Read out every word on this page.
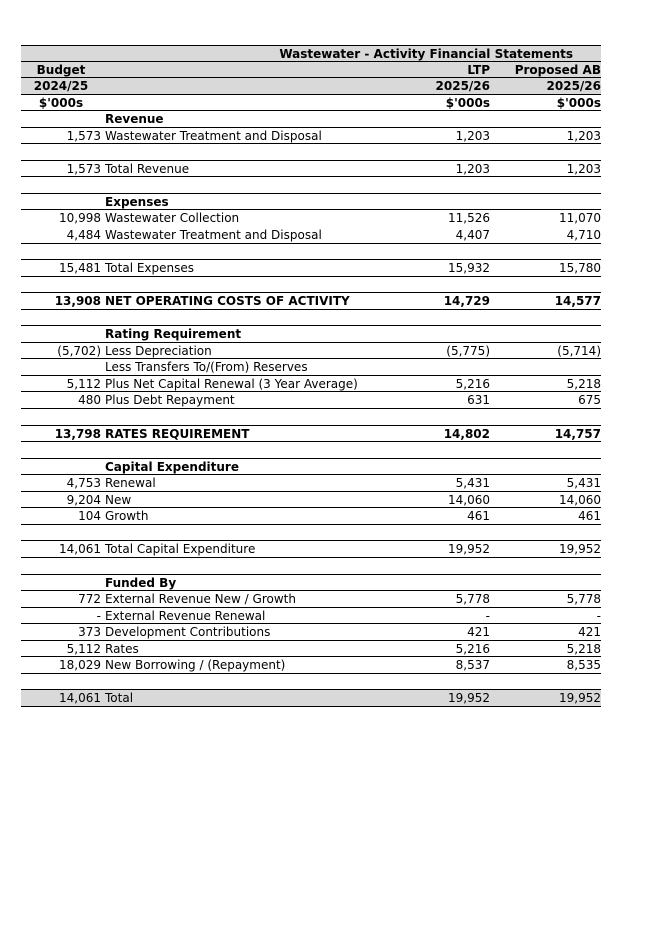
Wastewater - Activity Financial Statements
Budget	LTP	Proposed AB
2024/25	2025/26	2025/26
$'000s	$'000s	$'000s
Revenue
1,573 Wastewater Treatment and Disposal	1,203	1,203
1,573 Total Revenue	1,203	1,203
Expenses
10,998 Wastewater Collection	11,526	11,070
4,484 Wastewater Treatment and Disposal	4,407	4,710
15,481 Total Expenses	15,932	15,780
13,908 NET OPERATING COSTS OF ACTIVITY	14,729	14,577
Rating Requirement
(5,702) Less Depreciation	(5,775)	(5,714)
Less Transfers To/(From) Reserves
5,112 Plus Net Capital Renewal (3 Year Average)	5,216	5,218
480 Plus Debt Repayment	631	675
13,798 RATES REQUIREMENT	14,802	14,757
Capital Expenditure
4,753 Renewal	5,431	5,431
9,204 New	14,060	14,060
104 Growth	461	461
14,061 Total Capital Expenditure	19,952	19,952
Funded By
772 External Revenue New / Growth	5,778	5,778
- External Revenue Renewal	-	-
373 Development Contributions	421	421
5,112 Rates	5,216	5,218
18,029 New Borrowing / (Repayment)	8,537	8,535
14,061 Total	19,952	19,952
